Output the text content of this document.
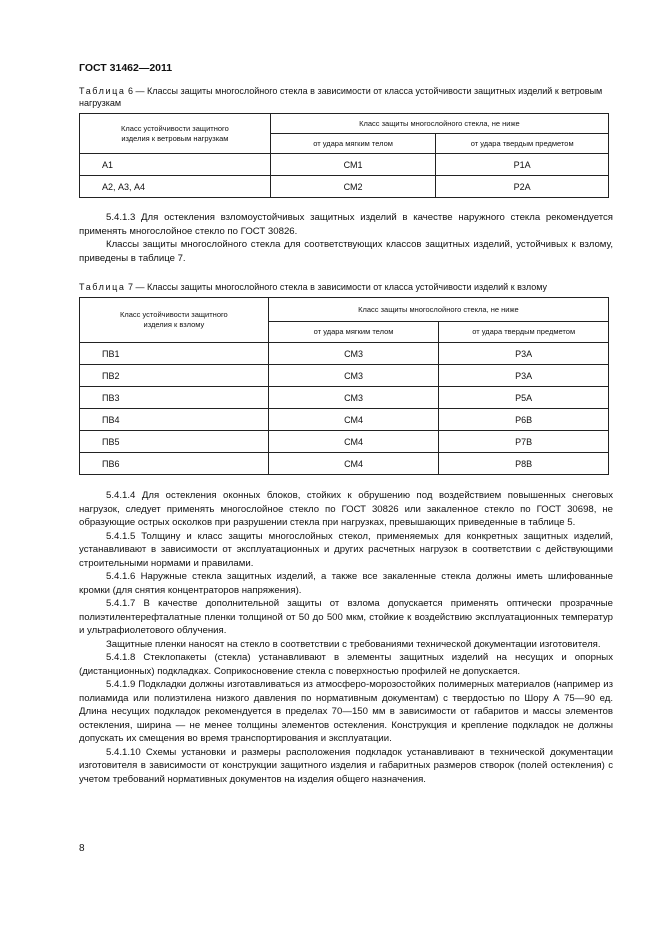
ГОСТ 31462—2011
Таблица 6 — Классы защиты многослойного стекла в зависимости от класса устойчивости защитных изделий к ветровым нагрузкам
Класс устойчивости защитного изделия к ветровым нагрузкам	Класс защиты многослойного стекла, не ниже	
	от удара мягким телом	от удара твердым предметом
А1	СМ1	Р1А
А2, А3, А4	СМ2	Р2А

5.4.1.3 Для остекления взломоустойчивых защитных изделий в качестве наружного стекла рекомендуется применять многослойное стекло по ГОСТ 30826.

Классы защиты многослойного стекла для соответствующих классов защитных изделий, устойчивых к взлому, приведены в таблице 7.

Таблица 7 — Классы защиты многослойного стекла в зависимости от класса устойчивости изделий к взлому
Класс устойчивости защитного изделия к взлому	Класс защиты многослойного стекла, не ниже	
	от удара мягким телом	от удара твердым предметом
ПВ1	СМ3	Р3А
ПВ2	СМ3	Р3А
ПВ3	СМ3	Р5А
ПВ4	СМ4	Р6В
ПВ5	СМ4	Р7В
ПВ6	СМ4	Р8В

5.4.1.4 Для остекления оконных блоков, стойких к обрушению под воздействием повышенных снеговых нагрузок, следует применять многослойное стекло по ГОСТ 30826 или закаленное стекло по ГОСТ 30698, не образующие острых осколков при разрушении стекла при нагрузках, превышающих приведенные в таблице 5.

5.4.1.5 Толщину и класс защиты многослойных стекол, применяемых для конкретных защитных изделий, устанавливают в зависимости от эксплуатационных и других расчетных нагрузок в соответствии с действующими строительными нормами и правилами.

5.4.1.6 Наружные стекла защитных изделий, а также все закаленные стекла должны иметь шлифованные кромки (для снятия концентраторов напряжения).

5.4.1.7 В качестве дополнительной защиты от взлома допускается применять оптически прозрачные полиэтилентерефталатные пленки толщиной от 50 до 500 мкм, стойкие к воздействию эксплуатационных температур и ультрафиолетового облучения.

Защитные пленки наносят на стекло в соответствии с требованиями технической документации изготовителя.

5.4.1.8 Стеклопакеты (стекла) устанавливают в элементы защитных изделий на несущих и опорных (дистанционных) подкладках. Соприкосновение стекла с поверхностью профилей не допускается.

5.4.1.9 Подкладки должны изготавливаться из атмосферо-морозостойких полимерных материалов (например из полиамида или полиэтилена низкого давления по нормативным документам) с твердостью по Шору А 75—90 ед. Длина несущих подкладок рекомендуется в пределах 70—150 мм в зависимости от габаритов и массы элементов остекления, ширина — не менее толщины элементов остекления. Конструкция и крепление подкладок не должны допускать их смещения во время транспортирования и эксплуатации.

5.4.1.10 Схемы установки и размеры расположения подкладок устанавливают в технической документации изготовителя в зависимости от конструкции защитного изделия и габаритных размеров створок (полей остекления) с учетом требований нормативных документов на изделия общего назначения.

8
